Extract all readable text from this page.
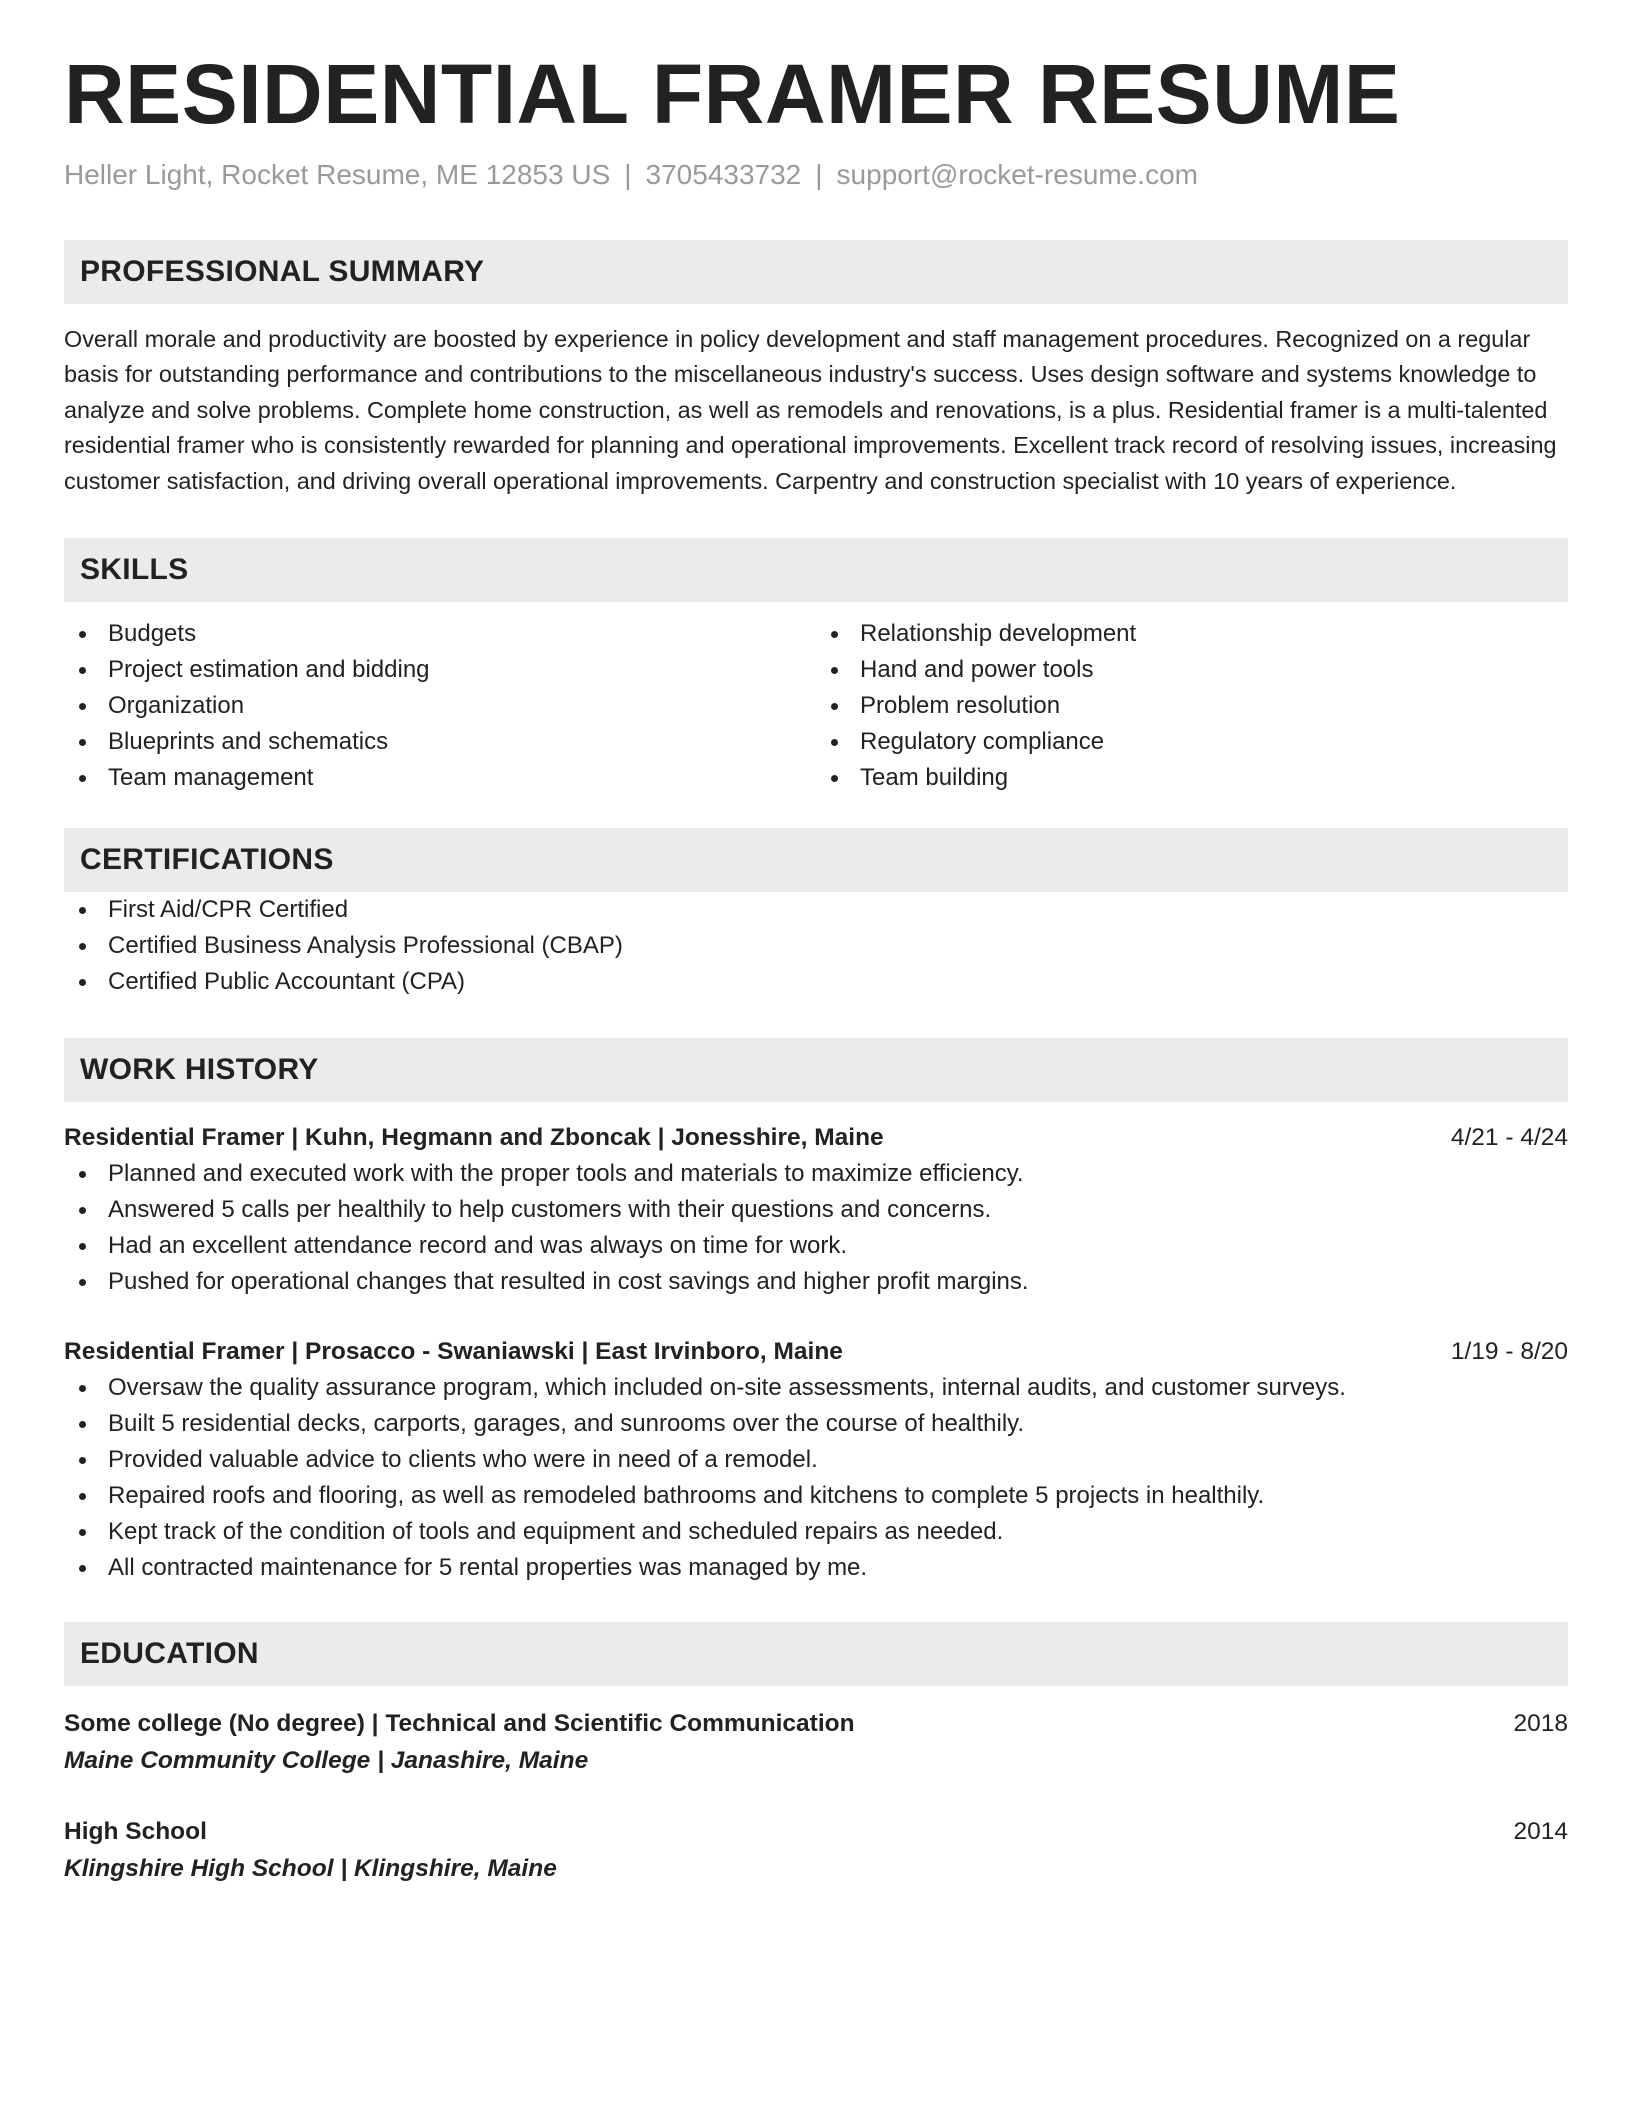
RESIDENTIAL FRAMER RESUME
Heller Light, Rocket Resume, ME 12853 US | 3705433732 | support@rocket-resume.com
PROFESSIONAL SUMMARY
Overall morale and productivity are boosted by experience in policy development and staff management procedures. Recognized on a regular basis for outstanding performance and contributions to the miscellaneous industry's success. Uses design software and systems knowledge to analyze and solve problems. Complete home construction, as well as remodels and renovations, is a plus. Residential framer is a multi-talented residential framer who is consistently rewarded for planning and operational improvements. Excellent track record of resolving issues, increasing customer satisfaction, and driving overall operational improvements. Carpentry and construction specialist with 10 years of experience.
SKILLS
Budgets
Project estimation and bidding
Organization
Blueprints and schematics
Team management
Relationship development
Hand and power tools
Problem resolution
Regulatory compliance
Team building
CERTIFICATIONS
First Aid/CPR Certified
Certified Business Analysis Professional (CBAP)
Certified Public Accountant (CPA)
WORK HISTORY
Residential Framer | Kuhn, Hegmann and Zboncak | Jonesshire, Maine	4/21 - 4/24
Planned and executed work with the proper tools and materials to maximize efficiency.
Answered 5 calls per healthily to help customers with their questions and concerns.
Had an excellent attendance record and was always on time for work.
Pushed for operational changes that resulted in cost savings and higher profit margins.
Residential Framer | Prosacco - Swaniawski | East Irvinboro, Maine	1/19 - 8/20
Oversaw the quality assurance program, which included on-site assessments, internal audits, and customer surveys.
Built 5 residential decks, carports, garages, and sunrooms over the course of healthily.
Provided valuable advice to clients who were in need of a remodel.
Repaired roofs and flooring, as well as remodeled bathrooms and kitchens to complete 5 projects in healthily.
Kept track of the condition of tools and equipment and scheduled repairs as needed.
All contracted maintenance for 5 rental properties was managed by me.
EDUCATION
Some college (No degree) | Technical and Scientific Communication	2018
Maine Community College | Janashire, Maine
High School	2014
Klingshire High School | Klingshire, Maine
